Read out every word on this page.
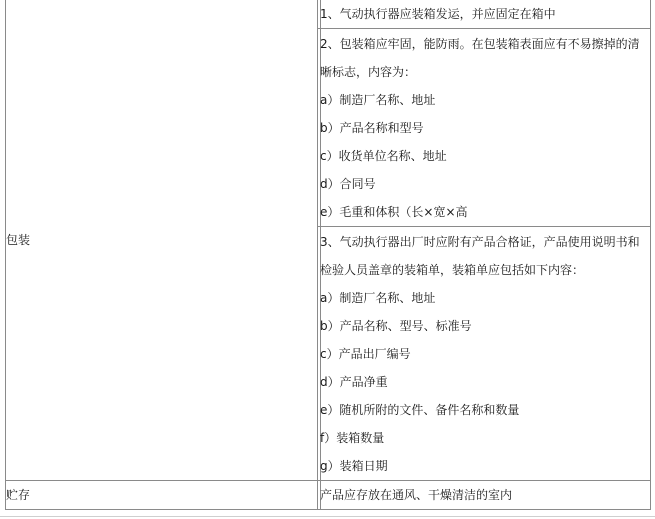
包装
1、气动执行器应装箱发运，并应固定在箱中
2、包装箱应牢固，能防雨。在包装箱表面应有不易擦掉的清
晰标志，内容为：
a）制造厂名称、地址
b）产品名称和型号
c）收货单位名称、地址
d）合同号
e）毛重和体积（长×宽×高
3、气动执行器出厂时应附有产品合格证，产品使用说明书和
检验人员盖章的装箱单，装箱单应包括如下内容：
a）制造厂名称、地址
b）产品名称、型号、标准号
c）产品出厂编号
d）产品净重
e）随机所附的文件、备件名称和数量
f）装箱数量
g）装箱日期
贮存	产品应存放在通风、干燥清洁的室内
